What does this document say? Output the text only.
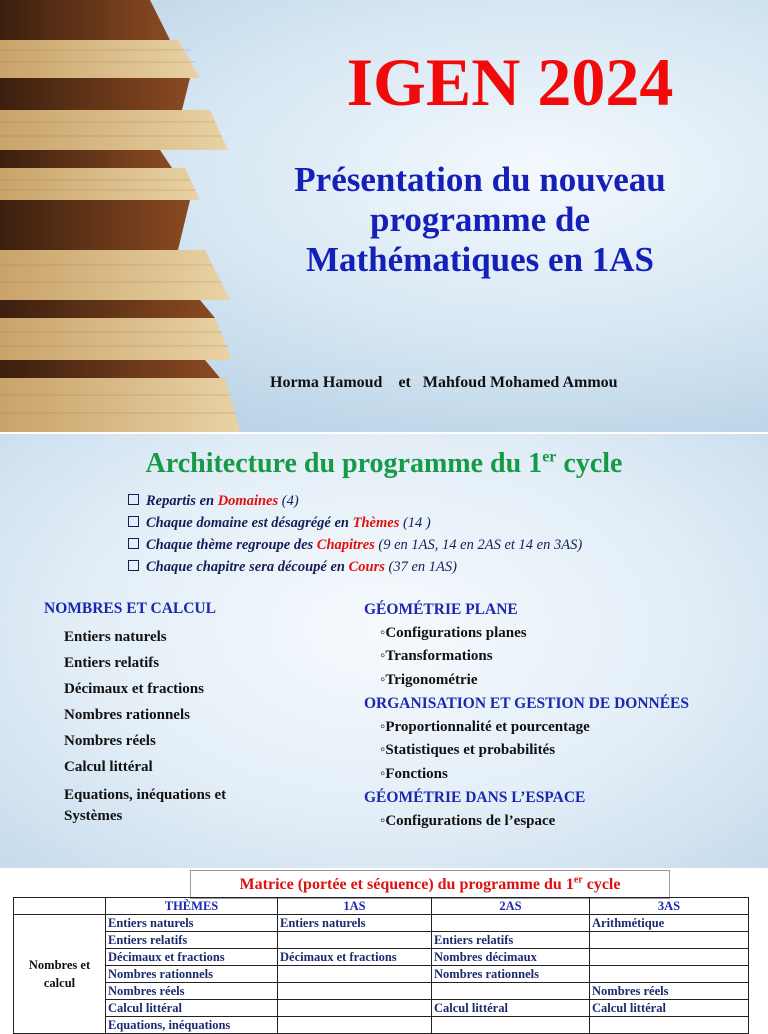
IGEN 2024
Présentation du nouveau
programme de
Mathématiques en 1AS
Horma Hamoud    et   Mahfoud Mohamed Ammou
Architecture du programme du 1er cycle
Repartis en Domaines (4)
Chaque domaine est désagrégé en Thèmes (14 )
Chaque thème regroupe des Chapitres (9 en 1AS, 14 en 2AS et 14 en 3AS)
Chaque chapitre sera découpé en Cours (37 en 1AS)
NOMBRES ET CALCUL
Entiers naturels
Entiers relatifs
Décimaux et fractions
Nombres rationnels
Nombres réels
Calcul littéral
Equations, inéquations et
Systèmes
GÉOMÉTRIE PLANE
◦Configurations planes
◦Transformations
◦Trigonométrie
ORGANISATION ET GESTION DE DONNÉES
◦Proportionnalité et pourcentage
◦Statistiques et probabilités
◦Fonctions
GÉOMÉTRIE DANS L’ESPACE
◦Configurations de l’espace
Matrice (portée et séquence) du programme du 1er cycle
	THÈMES	1AS	2AS	3AS
Nombres et calcul	Entiers naturels	Entiers naturels		Arithmétique
	Entiers relatifs		Entiers relatifs	
	Décimaux et fractions	Décimaux et fractions	Nombres décimaux	
	Nombres rationnels		Nombres rationnels	
	Nombres réels			Nombres réels
	Calcul littéral		Calcul littéral	Calcul littéral
	Equations, inéquations			
